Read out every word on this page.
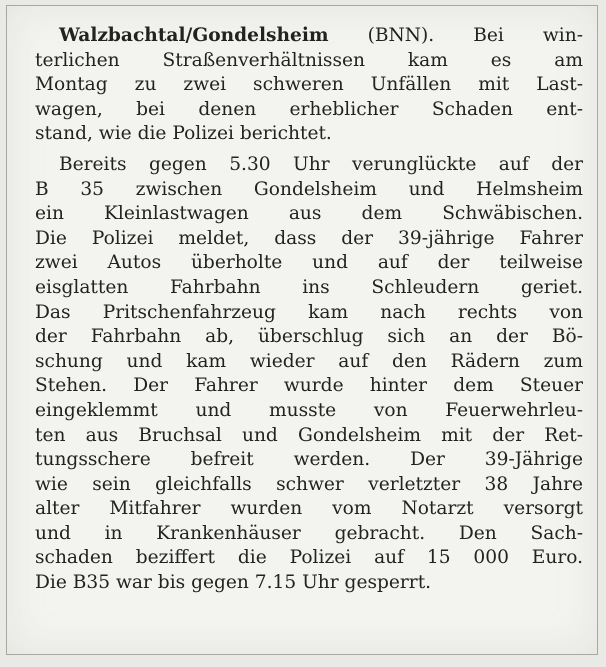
Walzbachtal/Gondelsheim (BNN). Bei win-
terlichen Straßenverhältnissen kam es am
Montag zu zwei schweren Unfällen mit Last-
wagen, bei denen erheblicher Schaden ent-
stand, wie die Polizei berichtet.
Bereits gegen 5.30 Uhr verunglückte auf der
B 35 zwischen Gondelsheim und Helmsheim
ein Kleinlastwagen aus dem Schwäbischen.
Die Polizei meldet, dass der 39-jährige Fahrer
zwei Autos überholte und auf der teilweise
eisglatten Fahrbahn ins Schleudern geriet.
Das Pritschenfahrzeug kam nach rechts von
der Fahrbahn ab, überschlug sich an der Bö-
schung und kam wieder auf den Rädern zum
Stehen. Der Fahrer wurde hinter dem Steuer
eingeklemmt und musste von Feuerwehrleu-
ten aus Bruchsal und Gondelsheim mit der Ret-
tungsschere befreit werden. Der 39-Jährige
wie sein gleichfalls schwer verletzter 38 Jahre
alter Mitfahrer wurden vom Notarzt versorgt
und in Krankenhäuser gebracht. Den Sach-
schaden beziffert die Polizei auf 15 000 Euro.
Die B35 war bis gegen 7.15 Uhr gesperrt.
